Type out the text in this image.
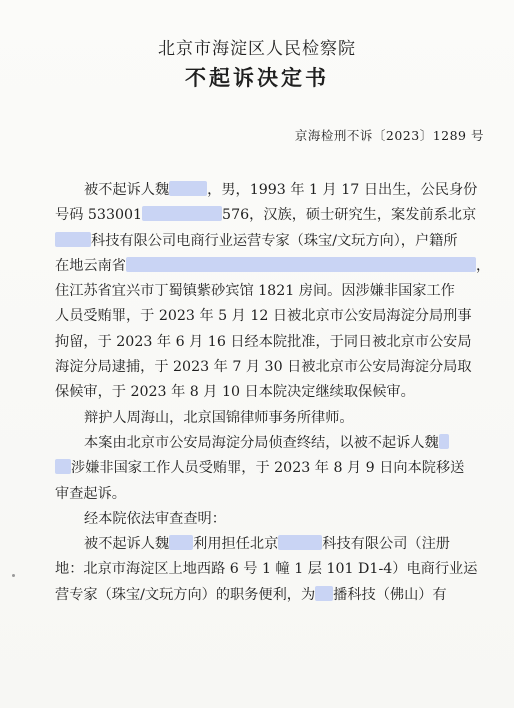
北京市海淀区人民检察院
不起诉决定书
京海检刑不诉〔2023〕1289 号

被不起诉人魏	，男，1993 年 1 月 17 日出生，公民身份
号码 533001	576，汉族，硕士研究生，案发前系北京
科技有限公司电商行业运营专家（珠宝/文玩方向），户籍所
在地云南省	，
住江苏省宜兴市丁蜀镇紫砂宾馆 1821 房间。因涉嫌非国家工作
人员受贿罪，于 2023 年 5 月 12 日被北京市公安局海淀分局刑事
拘留，于 2023 年 6 月 16 日经本院批准，于同日被北京市公安局
海淀分局逮捕，于 2023 年 7 月 30 日被北京市公安局海淀分局取
保候审，于 2023 年 8 月 10 日本院决定继续取保候审。

辩护人周海山，北京国锦律师事务所律师。

本案由北京市公安局海淀分局侦查终结，以被不起诉人魏
涉嫌非国家工作人员受贿罪，于 2023 年 8 月 9 日向本院移送
审查起诉。

经本院依法审查查明：

被不起诉人魏 利用担任北京	科技有限公司（注册
地：北京市海淀区上地西路 6 号 1 幢 1 层 101 D1-4）电商行业运
营专家（珠宝/文玩方向）的职务便利，为 播科技（佛山）有
